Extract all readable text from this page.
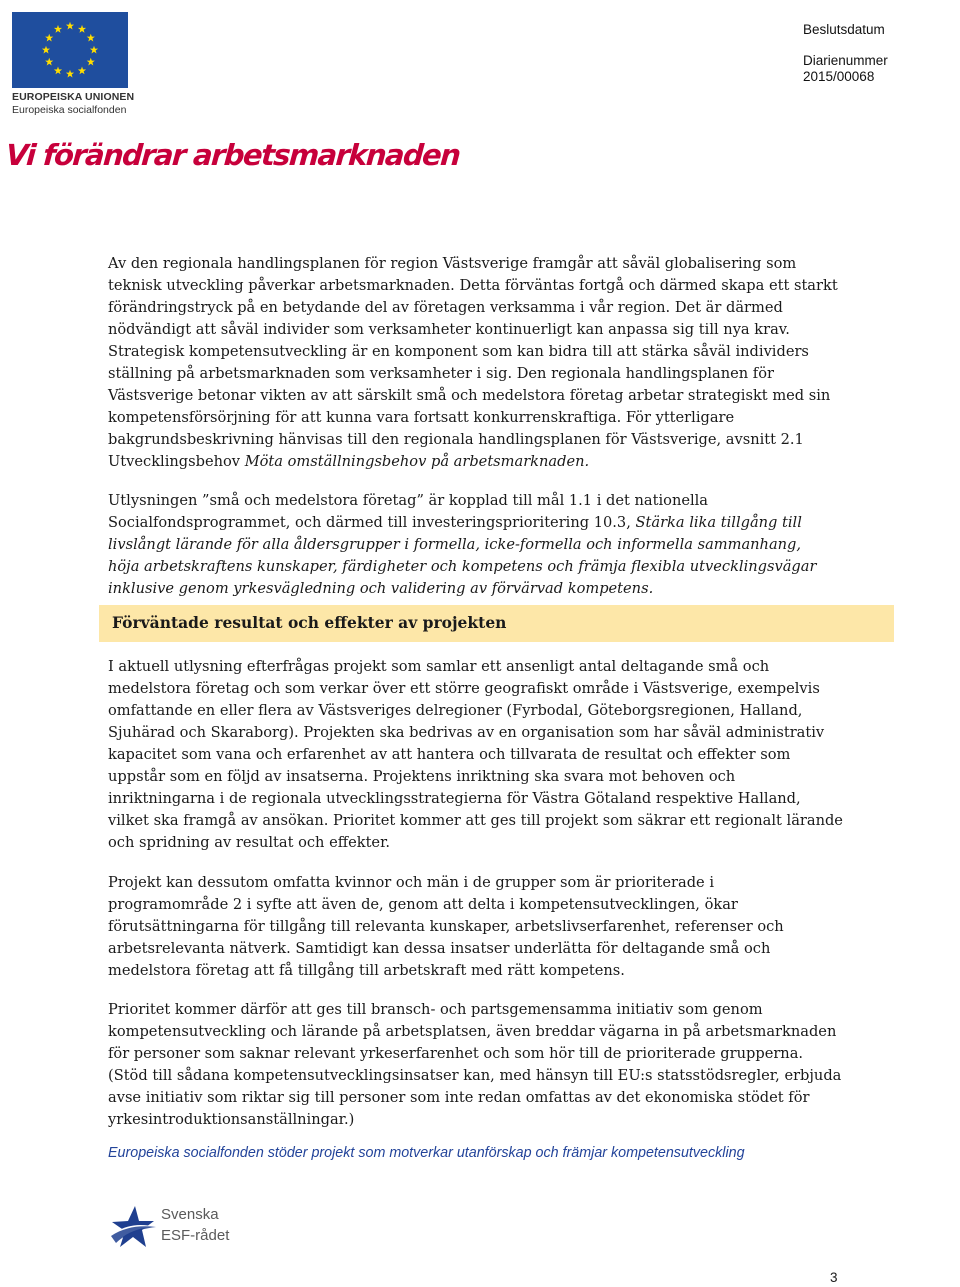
EUROPEISKA UNIONEN
Europeiska socialfonden
Vi förändrar arbetsmarknaden
Beslutsdatum
Diarienummer
2015/00068
Av den regionala handlingsplanen för region Västsverige framgår att såväl globalisering som
teknisk utveckling påverkar arbetsmarknaden. Detta förväntas fortgå och därmed skapa ett starkt
förändringstryck på en betydande del av företagen verksamma i vår region. Det är därmed
nödvändigt att såväl individer som verksamheter kontinuerligt kan anpassa sig till nya krav.
Strategisk kompetensutveckling är en komponent som kan bidra till att stärka såväl individers
ställning på arbetsmarknaden som verksamheter i sig. Den regionala handlingsplanen för
Västsverige betonar vikten av att särskilt små och medelstora företag arbetar strategiskt med sin
kompetensförsörjning för att kunna vara fortsatt konkurrenskraftiga. För ytterligare
bakgrundsbeskrivning hänvisas till den regionala handlingsplanen för Västsverige, avsnitt 2.1
Utvecklingsbehov Möta omställningsbehov på arbetsmarknaden.
Utlysningen ”små och medelstora företag” är kopplad till mål 1.1 i det nationella
Socialfondsprogrammet, och därmed till investeringsprioritering 10.3, Stärka lika tillgång till
livslångt lärande för alla åldersgrupper i formella, icke-formella och informella sammanhang,
höja arbetskraftens kunskaper, färdigheter och kompetens och främja flexibla utvecklingsvägar
inklusive genom yrkesvägledning och validering av förvärvad kompetens.
Förväntade resultat och effekter av projekten
I aktuell utlysning efterfrågas projekt som samlar ett ansenligt antal deltagande små och
medelstora företag och som verkar över ett större geografiskt område i Västsverige, exempelvis
omfattande en eller flera av Västsveriges delregioner (Fyrbodal, Göteborgsregionen, Halland,
Sjuhärad och Skaraborg). Projekten ska bedrivas av en organisation som har såväl administrativ
kapacitet som vana och erfarenhet av att hantera och tillvarata de resultat och effekter som
uppstår som en följd av insatserna. Projektens inriktning ska svara mot behoven och
inriktningarna i de regionala utvecklingsstrategierna för Västra Götaland respektive Halland,
vilket ska framgå av ansökan. Prioritet kommer att ges till projekt som säkrar ett regionalt lärande
och spridning av resultat och effekter.
Projekt kan dessutom omfatta kvinnor och män i de grupper som är prioriterade i
programområde 2 i syfte att även de, genom att delta i kompetensutvecklingen, ökar
förutsättningarna för tillgång till relevanta kunskaper, arbetslivserfarenhet, referenser och
arbetsrelevanta nätverk. Samtidigt kan dessa insatser underlätta för deltagande små och
medelstora företag att få tillgång till arbetskraft med rätt kompetens.
Prioritet kommer därför att ges till bransch- och partsgemensamma initiativ som genom
kompetensutveckling och lärande på arbetsplatsen, även breddar vägarna in på arbetsmarknaden
för personer som saknar relevant yrkeserfarenhet och som hör till de prioriterade grupperna.
(Stöd till sådana kompetensutvecklingsinsatser kan, med hänsyn till EU:s statsstödsregler, erbjuda
avse initiativ som riktar sig till personer som inte redan omfattas av det ekonomiska stödet för
yrkesintroduktionsanställningar.)
Europeiska socialfonden stöder projekt som motverkar utanförskap och främjar kompetensutveckling
Svenska
ESF-rådet
3
